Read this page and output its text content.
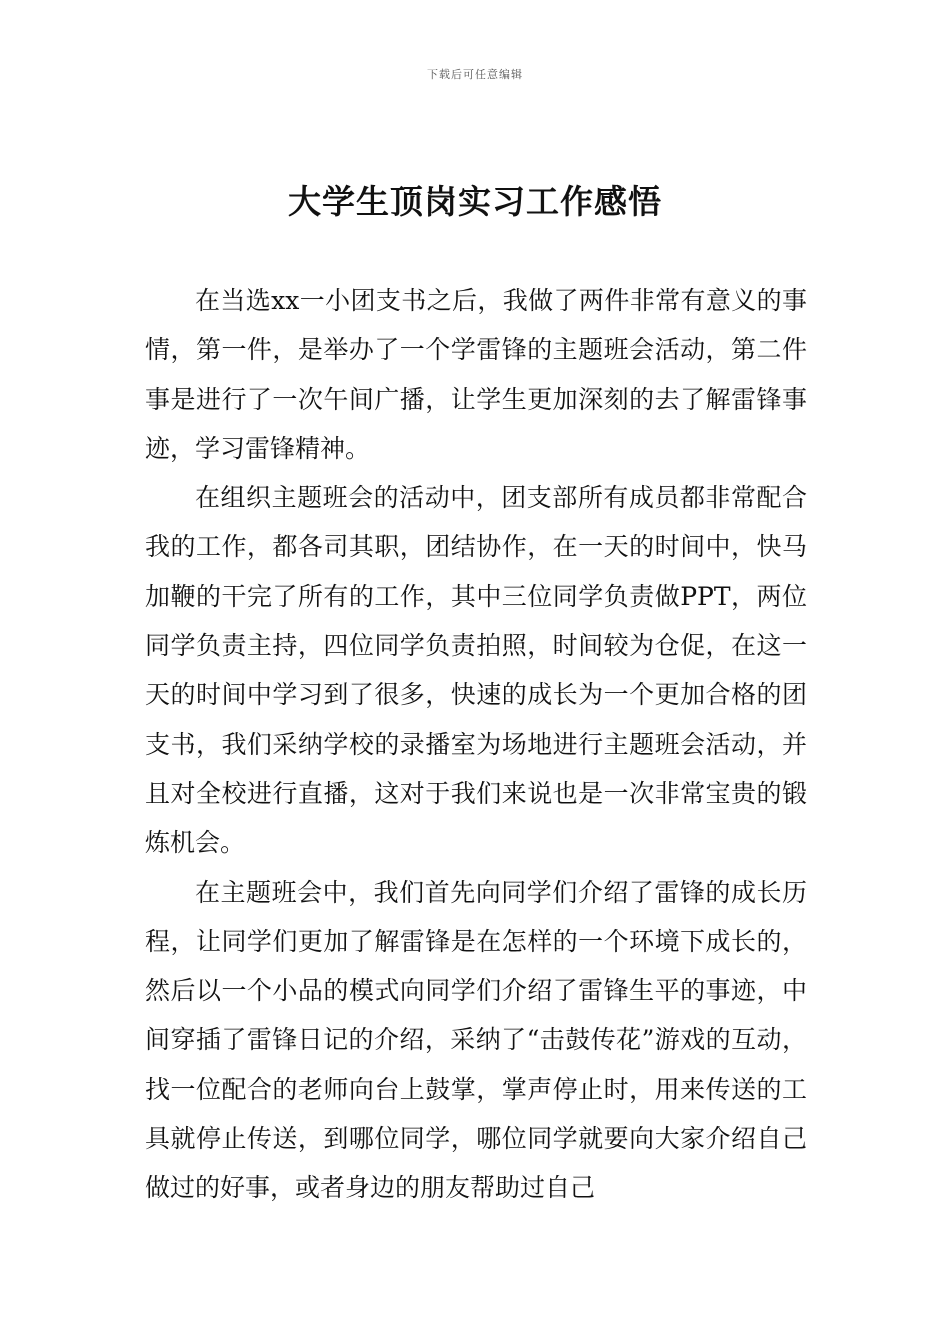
下载后可任意编辑
大学生顶岗实习工作感悟

在当选xx一小团支书之后，我做了两件非常有意义的事情，第一件，是举办了一个学雷锋的主题班会活动，第二件事是进行了一次午间广播，让学生更加深刻的去了解雷锋事迹，学习雷锋精神。

在组织主题班会的活动中，团支部所有成员都非常配合我的工作，都各司其职，团结协作，在一天的时间中，快马加鞭的干完了所有的工作，其中三位同学负责做PPT，两位同学负责主持，四位同学负责拍照，时间较为仓促，在这一天的时间中学习到了很多，快速的成长为一个更加合格的团支书，我们采纳学校的录播室为场地进行主题班会活动，并且对全校进行直播，这对于我们来说也是一次非常宝贵的锻炼机会。

在主题班会中，我们首先向同学们介绍了雷锋的成长历程，让同学们更加了解雷锋是在怎样的一个环境下成长的，然后以一个小品的模式向同学们介绍了雷锋生平的事迹，中间穿插了雷锋日记的介绍，采纳了“击鼓传花”游戏的互动，找一位配合的老师向台上鼓掌，掌声停止时，用来传送的工具就停止传送，到哪位同学，哪位同学就要向大家介绍自己做过的好事，或者身边的朋友帮助过自己
